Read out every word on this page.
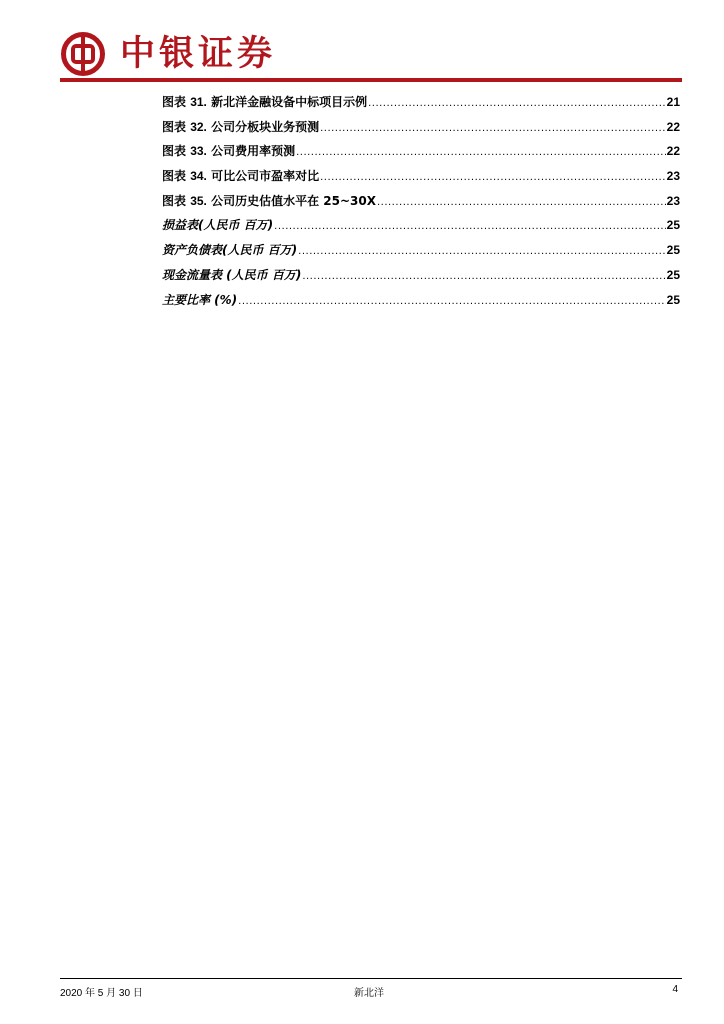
中银证券
图表 31. 新北洋金融设备中标项目示例 .....	21
图表 32. 公司分板块业务预测 .....	22
图表 33. 公司费用率预测 .....	22
图表 34. 可比公司市盈率对比 .....	23
图表 35. 公司历史估值水平在 25~30X .....	23
损益表(人民币 百万) .....	25
资产负债表(人民币 百万) .....	25
现金流量表 (人民币 百万) .....	25
主要比率 (%) .....	25
2020 年 5 月 30 日	新北洋	4
